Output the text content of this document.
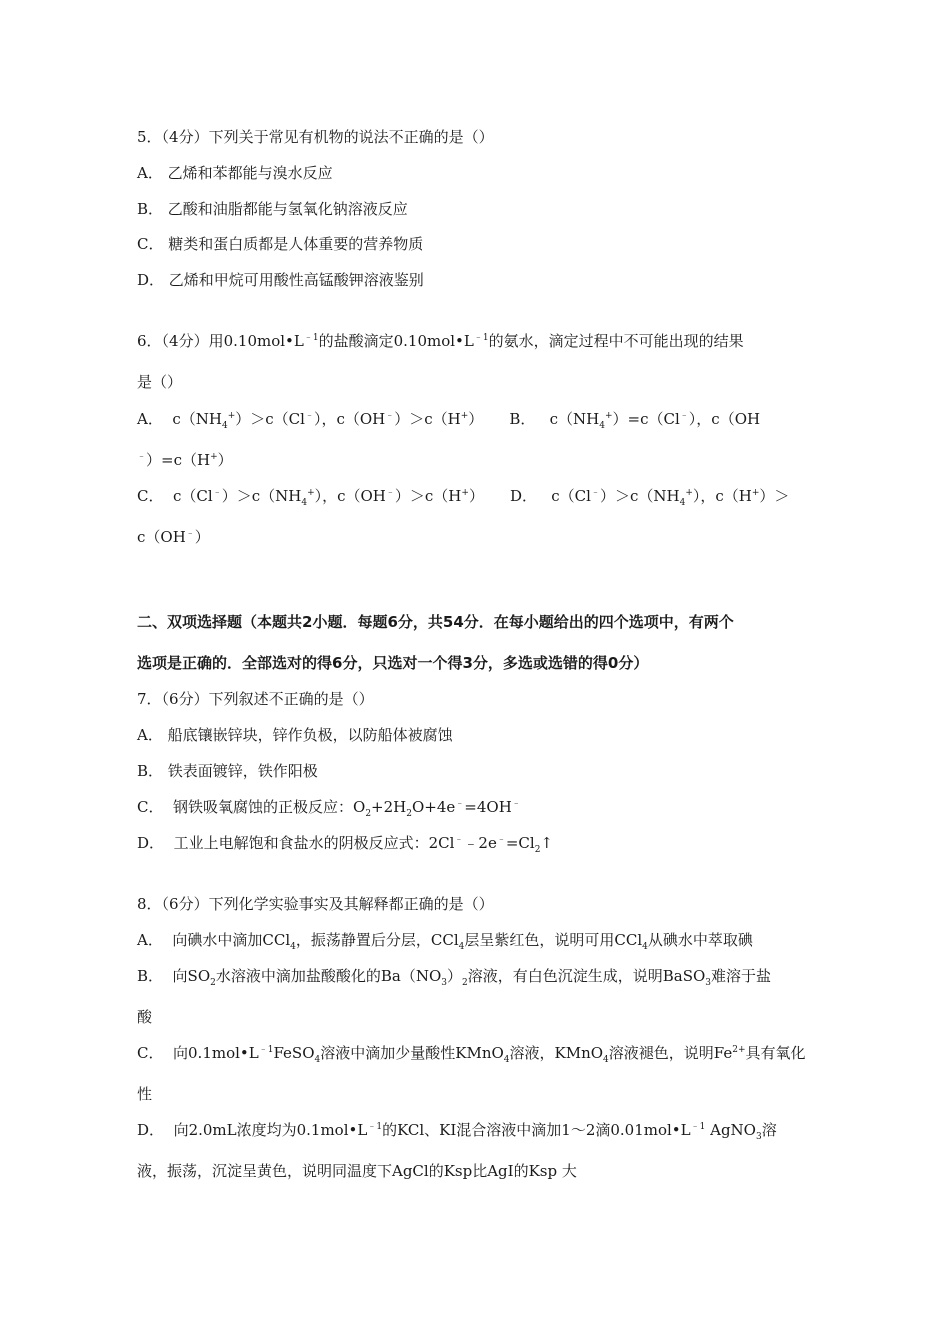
5．（4分）下列关于常见有机物的说法不正确的是（）
A． 乙烯和苯都能与溴水反应
B． 乙酸和油脂都能与氢氧化钠溶液反应
C． 糖类和蛋白质都是人体重要的营养物质
D． 乙烯和甲烷可用酸性高锰酸钾溶液鉴别
6．（4分）用$0.10mol•L^{﹣1}$的盐酸滴定$0.10mol•L^{﹣1}$的氨水，滴定过程中不可能出现的结果
是（）
A．  $c(NH_4^+)>c(Cl^﹣)$，c（OH﹣）＞c（H+） B．   $c(NH_4^+)=c(Cl^﹣)$，c（OH
﹣）=c（H+）
C．  $c(Cl^﹣)>c(NH_4^+)$，c（OH﹣）＞c（H+） D．   $c(Cl^﹣)>c(NH_4^+)$，c（H+）＞
c（OH﹣）
二、双项选择题（本题共2小题．每题6分，共54分．在每小题给出的四个选项中，有两个
选项是正确的．全部选对的得6分，只选对一个得3分，多选或选错的得0分）
7．（6分）下列叙述不正确的是（）
A． 船底镶嵌锌块，锌作负极，以防船体被腐蚀
B． 铁表面镀锌，铁作阳极
C．  钢铁吸氧腐蚀的正极反应：$O_2+2H_2O+4e^﹣=4OH^﹣$
D．  工业上电解饱和食盐水的阴极反应式：$2Cl^﹣﹣2e^﹣=Cl_2↑$
8．（6分）下列化学实验事实及其解释都正确的是（）
A．  向碘水中滴加CCl$_4$，振荡静置后分层，CCl$_4$层呈紫红色，说明可用CCl$_4$从碘水中萃取碘
B．  向$SO_2$水溶液中滴加盐酸酸化的$Ba(NO_3)_2$溶液，有白色沉淀生成，说明BaSO$_3$难溶于盐
酸
C．  向$0.1mol•L^{﹣1}FeSO_4$溶液中滴加少量酸性KMnO$_4$溶液，KMnO$_4$溶液褪色，说明$Fe^{2+}$具有氧化
性
D．  向2.0mL浓度均为$0.1mol•L^{﹣1}$的KCl、KI混合溶液中滴加1～2滴$0.01mol•L^{﹣1}$ AgNO$_3$溶
液，振荡，沉淀呈黄色，说明同温度下AgCl的Ksp比AgI的Ksp 大
